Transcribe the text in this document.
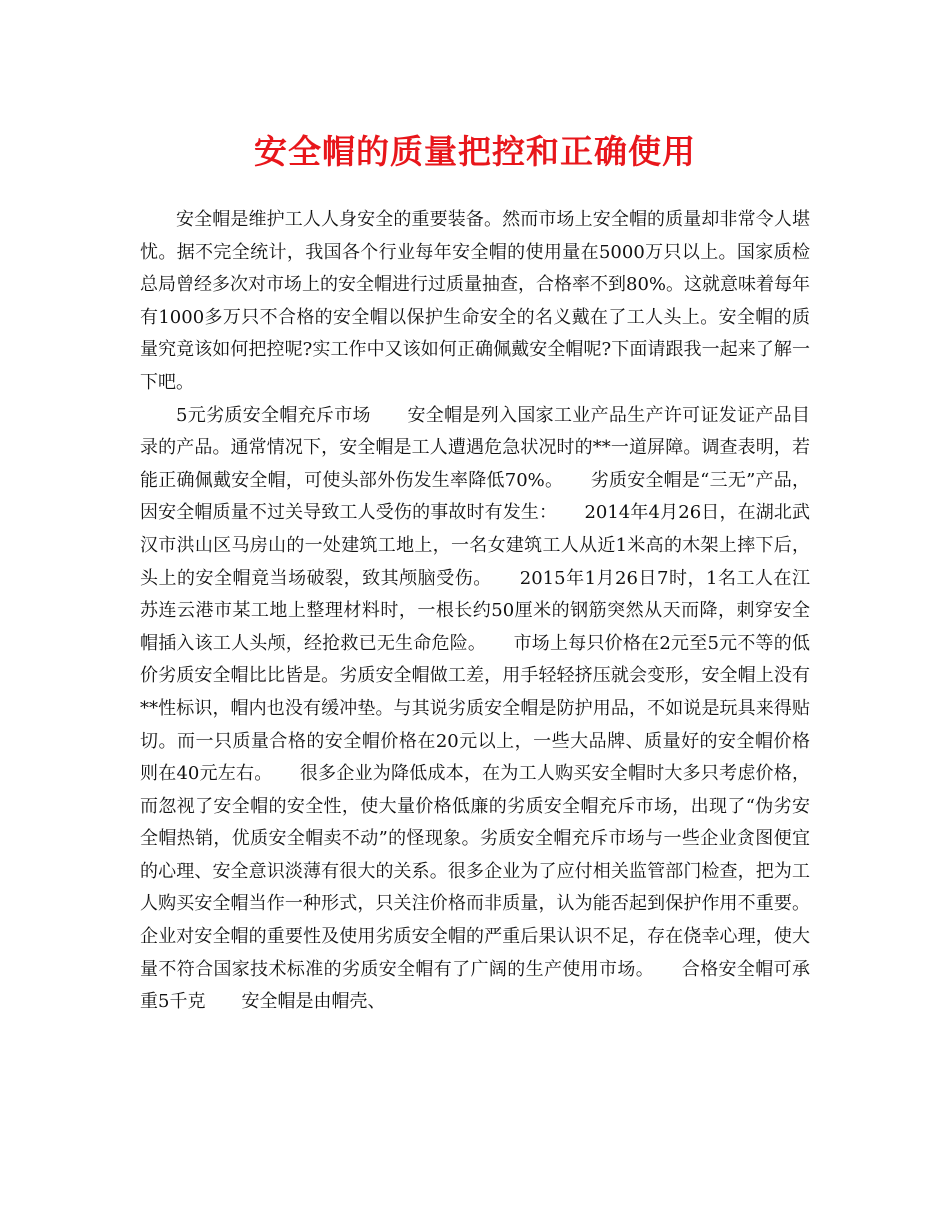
安全帽的质量把控和正确使用

安全帽是维护工人人身安全的重要装备。然而市场上安全帽的质量却非常令人堪忧。据不完全统计，我国各个行业每年安全帽的使用量在5000万只以上。国家质检总局曾经多次对市场上的安全帽进行过质量抽查，合格率不到80%。这就意味着每年有1000多万只不合格的安全帽以保护生命安全的名义戴在了工人头上。安全帽的质量究竟该如何把控呢?实工作中又该如何正确佩戴安全帽呢?下面请跟我一起来了解一下吧。

5元劣质安全帽充斥市场　　安全帽是列入国家工业产品生产许可证发证产品目录的产品。通常情况下，安全帽是工人遭遇危急状况时的**一道屏障。调查表明，若能正确佩戴安全帽，可使头部外伤发生率降低70%。　　劣质安全帽是“三无”产品，因安全帽质量不过关导致工人受伤的事故时有发生：　　2014年4月26日，在湖北武汉市洪山区马房山的一处建筑工地上，一名女建筑工人从近1米高的木架上摔下后，头上的安全帽竟当场破裂，致其颅脑受伤。　　2015年1月26日7时，1名工人在江苏连云港市某工地上整理材料时，一根长约50厘米的钢筋突然从天而降，刺穿安全帽插入该工人头颅，经抢救已无生命危险。　　市场上每只价格在2元至5元不等的低价劣质安全帽比比皆是。劣质安全帽做工差，用手轻轻挤压就会变形，安全帽上没有**性标识，帽内也没有缓冲垫。与其说劣质安全帽是防护用品，不如说是玩具来得贴切。而一只质量合格的安全帽价格在20元以上，一些大品牌、质量好的安全帽价格则在40元左右。　　很多企业为降低成本，在为工人购买安全帽时大多只考虑价格，而忽视了安全帽的安全性，使大量价格低廉的劣质安全帽充斥市场，出现了“伪劣安全帽热销，优质安全帽卖不动”的怪现象。劣质安全帽充斥市场与一些企业贪图便宜的心理、安全意识淡薄有很大的关系。很多企业为了应付相关监管部门检查，把为工人购买安全帽当作一种形式，只关注价格而非质量，认为能否起到保护作用不重要。企业对安全帽的重要性及使用劣质安全帽的严重后果认识不足，存在侥幸心理，使大量不符合国家技术标准的劣质安全帽有了广阔的生产使用市场。　　合格安全帽可承重5千克　　安全帽是由帽壳、
